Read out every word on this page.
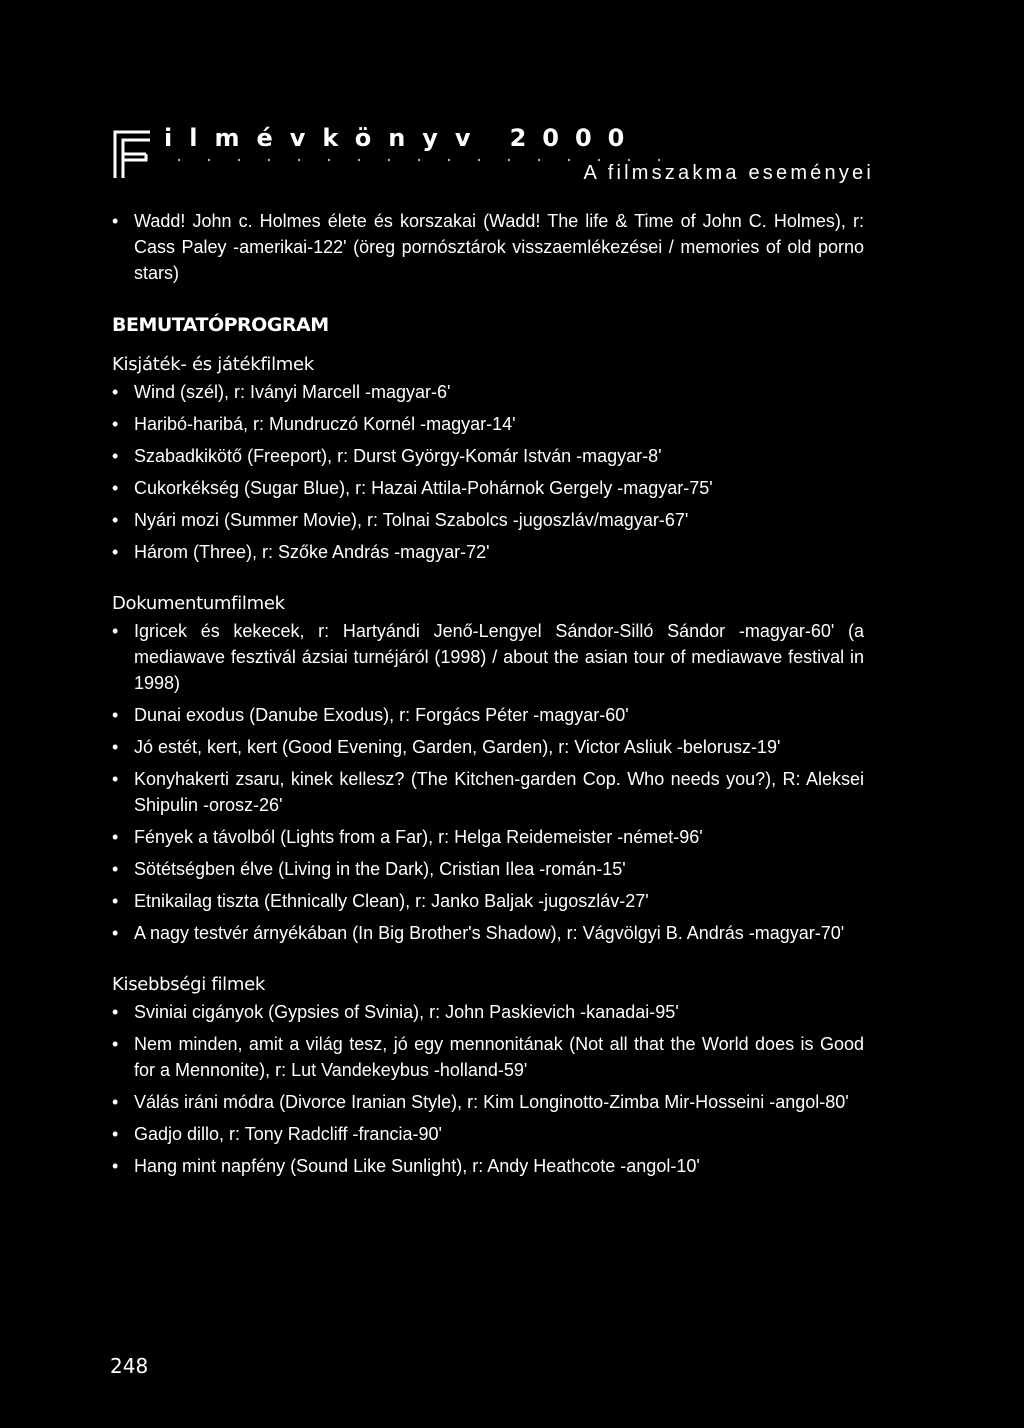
ilmévkönyv 2000
A filmszakma eseményei
• Wadd! John c. Holmes élete és korszakai (Wadd! The life & Time of John C. Holmes), r: Cass Paley -amerikai-122' (öreg pornósztárok visszaemlékezései / memories of old porno stars)
BEMUTATÓPROGRAM
Kisjáték- és játékfilmek
• Wind (szél), r: Iványi Marcell -magyar-6'
• Haribó-haribá, r: Mundruczó Kornél -magyar-14'
• Szabadkikötő (Freeport), r: Durst György-Komár István -magyar-8'
• Cukorkékség (Sugar Blue), r: Hazai Attila-Pohárnok Gergely -magyar-75'
• Nyári mozi (Summer Movie), r: Tolnai Szabolcs -jugoszláv/magyar-67'
• Három (Three), r: Szőke András -magyar-72'
Dokumentumfilmek
• Igricek és kekecek, r: Hartyándi Jenő-Lengyel Sándor-Silló Sándor -magyar-60' (a mediawave fesztivál ázsiai turnéjáról (1998) / about the asian tour of mediawave festival in 1998)
• Dunai exodus (Danube Exodus), r: Forgács Péter -magyar-60'
• Jó estét, kert, kert (Good Evening, Garden, Garden), r: Victor Asliuk -belorusz-19'
• Konyhakerti zsaru, kinek kellesz? (The Kitchen-garden Cop. Who needs you?), R: Aleksei Shipulin -orosz-26'
• Fények a távolból (Lights from a Far), r: Helga Reidemeister -német-96'
• Sötétségben élve (Living in the Dark), Cristian Ilea -román-15'
• Etnikailag tiszta (Ethnically Clean), r: Janko Baljak -jugoszláv-27'
• A nagy testvér árnyékában (In Big Brother's Shadow), r: Vágvölgyi B. András -magyar-70'
Kisebbségi filmek
• Sviniai cigányok (Gypsies of Svinia), r: John Paskievich -kanadai-95'
• Nem minden, amit a világ tesz, jó egy mennonitának (Not all that the World does is Good for a Mennonite), r: Lut Vandekeybus -holland-59'
• Válás iráni módra (Divorce Iranian Style), r: Kim Longinotto-Zimba Mir-Hosseini -angol-80'
• Gadjo dillo, r: Tony Radcliff -francia-90'
• Hang mint napfény (Sound Like Sunlight), r: Andy Heathcote -angol-10'
248
